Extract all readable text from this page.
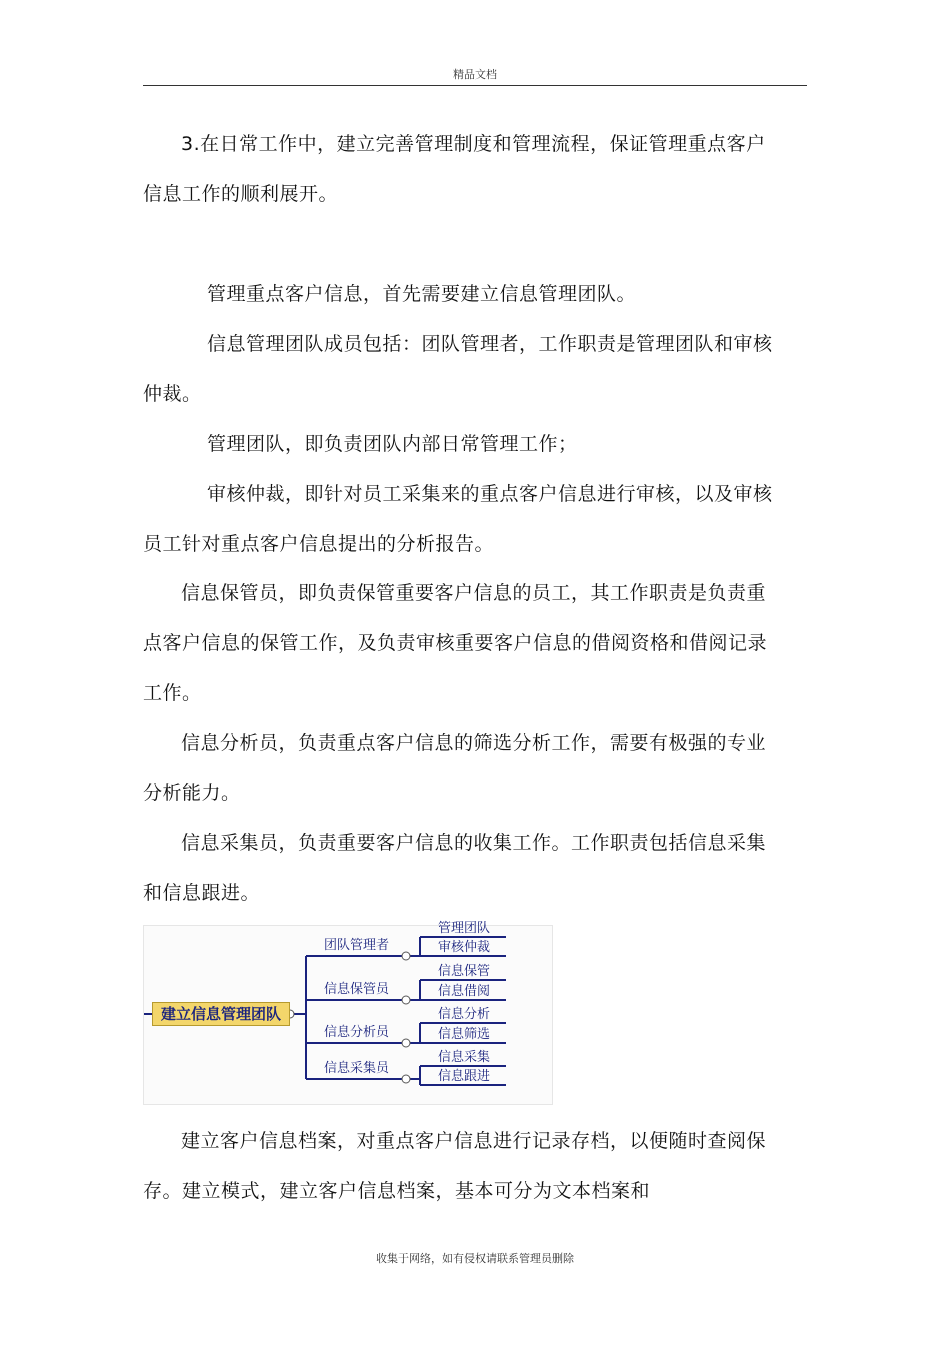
精品文档

3.在日常工作中，建立完善管理制度和管理流程，保证管理重点客户信息工作的顺利展开。

管理重点客户信息，首先需要建立信息管理团队。

信息管理团队成员包括：团队管理者，工作职责是管理团队和审核仲裁。

管理团队，即负责团队内部日常管理工作；

审核仲裁，即针对员工采集来的重点客户信息进行审核，以及审核员工针对重点客户信息提出的分析报告。

信息保管员，即负责保管重要客户信息的员工，其工作职责是负责重点客户信息的保管工作，及负责审核重要客户信息的借阅资格和借阅记录工作。

信息分析员，负责重点客户信息的筛选分析工作，需要有极强的专业分析能力。

信息采集员，负责重要客户信息的收集工作。工作职责包括信息采集和信息跟进。

建立信息管理团队
团队管理者
信息保管员
信息分析员
信息采集员
管理团队
审核仲裁
信息保管
信息借阅
信息分析
信息筛选
信息采集
信息跟进

建立客户信息档案，对重点客户信息进行记录存档，以便随时查阅保存。建立模式，建立客户信息档案，基本可分为文本档案和

收集于网络，如有侵权请联系管理员删除
